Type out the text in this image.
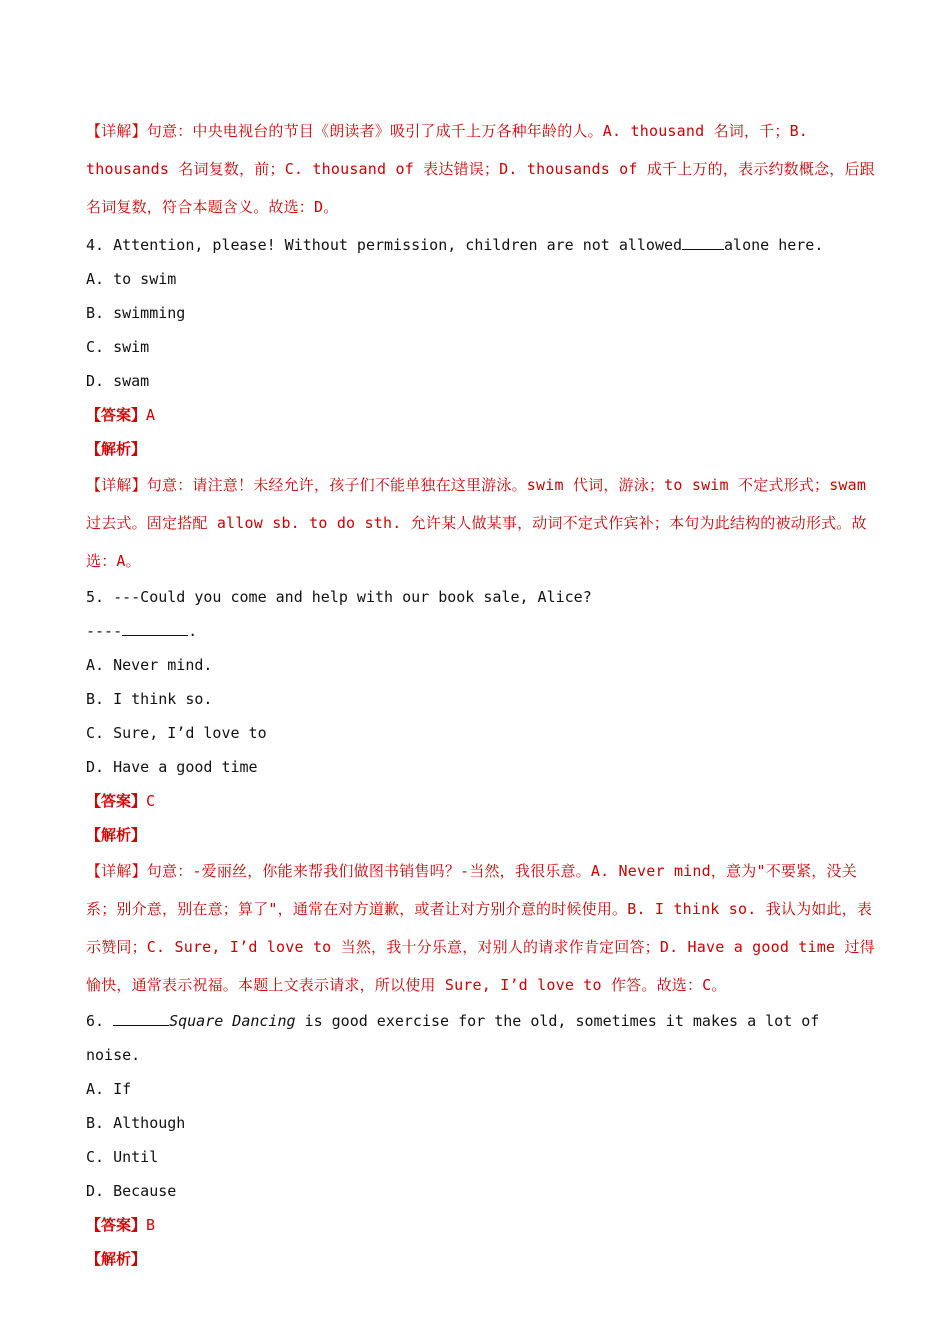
【详解】句意：中央电视台的节目《朗读者》吸引了成千上万各种年龄的人。A. thousand 名词，千；B. thousands 名词复数，前；C. thousand of 表达错误；D. thousands of 成千上万的，表示约数概念，后跟名词复数，符合本题含义。故选：D。

4. Attention, please! Without permission, children are not allowed	alone here.

A. to swim

B. swimming

C. swim

D. swam

【答案】A

【解析】

【详解】句意：请注意！未经允许，孩子们不能单独在这里游泳。swim 代词，游泳；to swim 不定式形式；swam 过去式。固定搭配 allow sb. to do sth. 允许某人做某事，动词不定式作宾补；本句为此结构的被动形式。故选：A。

5. ---Could you come and help with our book sale, Alice?

----	.

A. Never mind.

B. I think so.

C. Sure, I’d love to

D. Have a good time

【答案】C

【解析】

【详解】句意：-爱丽丝，你能来帮我们做图书销售吗？-当然，我很乐意。A. Never mind，意为"不要紧，没关系；别介意，别在意；算了"，通常在对方道歉，或者让对方别介意的时候使用。B. I think so. 我认为如此，表示赞同；C. Sure, I’d love to 当然，我十分乐意，对别人的请求作肯定回答；D. Have a good time 过得愉快，通常表示祝福。本题上文表示请求，所以使用 Sure, I’d love to 作答。故选：C。

6.	Square Dancing is good exercise for the old, sometimes it makes a lot of noise.

A. If

B. Although

C. Until

D. Because

【答案】B

【解析】
